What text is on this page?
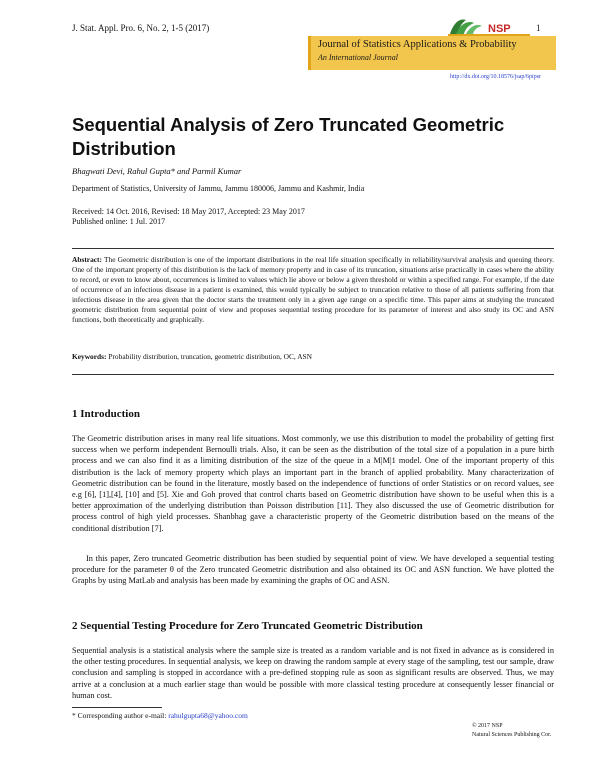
J. Stat. Appl. Pro. 6, No. 2, 1-5 (2017)	1
NSP
Journal of Statistics Applications & Probability
An International Journal
http://dx.doi.org/10.18576/jsap/6pipsr
Sequential Analysis of Zero Truncated Geometric Distribution
Bhagwati Devi, Rahul Gupta* and Parmil Kumar
Department of Statistics, University of Jammu, Jammu 180006, Jammu and Kashmir, India
Received: 14 Oct. 2016, Revised: 18 May 2017, Accepted: 23 May 2017
Published online: 1 Jul. 2017
Abstract: The Geometric distribution is one of the important distributions in the real life situation specifically in reliability/survival analysis and queuing theory. One of the important property of this distribution is the lack of memory property and in case of its truncation, situations arise practically in cases where the ability to record, or even to know about, occurrences is limited to values which lie above or below a given threshold or within a specified range. For example, if the date of occurrence of an infectious disease in a patient is examined, this would typically be subject to truncation relative to those of all patients suffering from that infectious disease in the area given that the doctor starts the treatment only in a given age range on a specific time. This paper aims at studying the truncated geometric distribution from sequential point of view and proposes sequential testing procedure for its parameter of interest and also study its OC and ASN functions, both theoretically and graphically.
Keywords: Probability distribution, truncation, geometric distribution, OC, ASN
1 Introduction
The Geometric distribution arises in many real life situations. Most commonly, we use this distribution to model the probability of getting first success when we perform independent Bernoulli trials. Also, it can be seen as the distribution of the total size of a population in a pure birth process and we can also find it as a limiting distribution of the size of the queue in a M|M|1 model. One of the important property of this distribution is the lack of memory property which plays an important part in the branch of applied probability. Many characterization of Geometric distribution can be found in the literature, mostly based on the independence of functions of order Statistics or on record values, see e.g [6], [1],[4], [10] and [5]. Xie and Goh proved that control charts based on Geometric distribution have shown to be useful when this is a better approximation of the underlying distribution than Poisson distribution [11]. They also discussed the use of Geometric distribution for process control of high yield processes. Shanbhag gave a characteristic property of the Geometric distribution based on the means of the conditional distribution [7].
In this paper, Zero truncated Geometric distribution has been studied by sequential point of view. We have developed a sequential testing procedure for the parameter θ of the Zero truncated Geometric distribution and also obtained its OC and ASN function. We have plotted the Graphs by using MatLab and analysis has been made by examining the graphs of OC and ASN.
2 Sequential Testing Procedure for Zero Truncated Geometric Distribution
Sequential analysis is a statistical analysis where the sample size is treated as a random variable and is not fixed in advance as is considered in the other testing procedures. In sequential analysis, we keep on drawing the random sample at every stage of the sampling, test our sample, draw conclusion and sampling is stopped in accordance with a pre-defined stopping rule as soon as significant results are observed. Thus, we may arrive at a conclusion at a much earlier stage than would be possible with more classical testing procedure at consequently lesser financial or human cost.
* Corresponding author e-mail: rahulgupta68@yahoo.com
© 2017 NSP
Natural Sciences Publishing Cor.
